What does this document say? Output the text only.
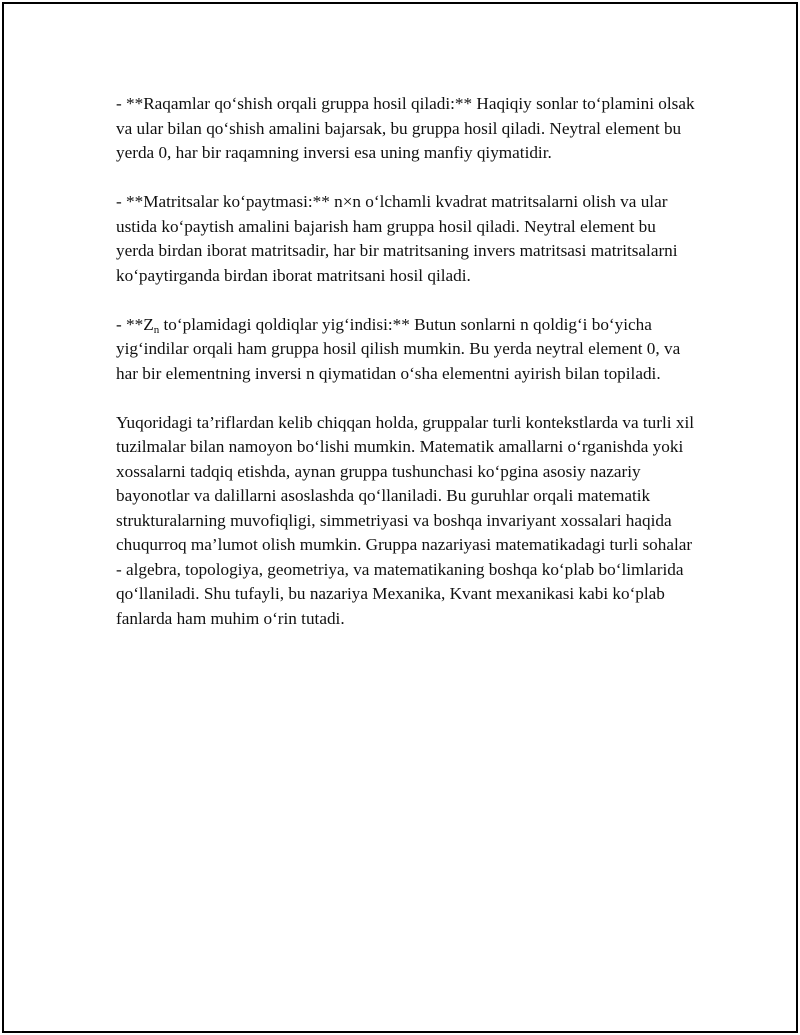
- **Raqamlar qo‘shish orqali gruppa hosil qiladi:** Haqiqiy sonlar to‘plamini olsak va ular bilan qo‘shish amalini bajarsak, bu gruppa hosil qiladi. Neytral element bu yerda 0, har bir raqamning inversi esa uning manfiy qiymatidir.

- **Matritsalar ko‘paytmasi:** n×n o‘lchamli kvadrat matritsalarni olish va ular ustida ko‘paytish amalini bajarish ham gruppa hosil qiladi. Neytral element bu yerda birdan iborat matritsadir, har bir matritsaning invers matritsasi matritsalarni ko‘paytirganda birdan iborat matritsani hosil qiladi.

- $**Z_n$ to‘plamidagi qoldiqlar yig‘indisi:** Butun sonlarni n qoldig‘i bo‘yicha yig‘indilar orqali ham gruppa hosil qilish mumkin. Bu yerda neytral element 0, va har bir elementning inversi n qiymatidan o‘sha elementni ayirish bilan topiladi.

Yuqoridagi ta’riflardan kelib chiqqan holda, gruppalar turli kontekstlarda va turli xil tuzilmalar bilan namoyon bo‘lishi mumkin. Matematik amallarni o‘rganishda yoki xossalarni tadqiq etishda, aynan gruppa tushunchasi ko‘pgina asosiy nazariy bayonotlar va dalillarni asoslashda qo‘llaniladi. Bu guruhlar orqali matematik strukturalarning muvofiqligi, simmetriyasi va boshqa invariyant xossalari haqida chuqurroq ma’lumot olish mumkin. Gruppa nazariyasi matematikadagi turli sohalar - algebra, topologiya, geometriya, va matematikaning boshqa ko‘plab bo‘limlarida qo‘llaniladi. Shu tufayli, bu nazariya Mexanika, Kvant mexanikasi kabi ko‘plab fanlarda ham muhim o‘rin tutadi.
